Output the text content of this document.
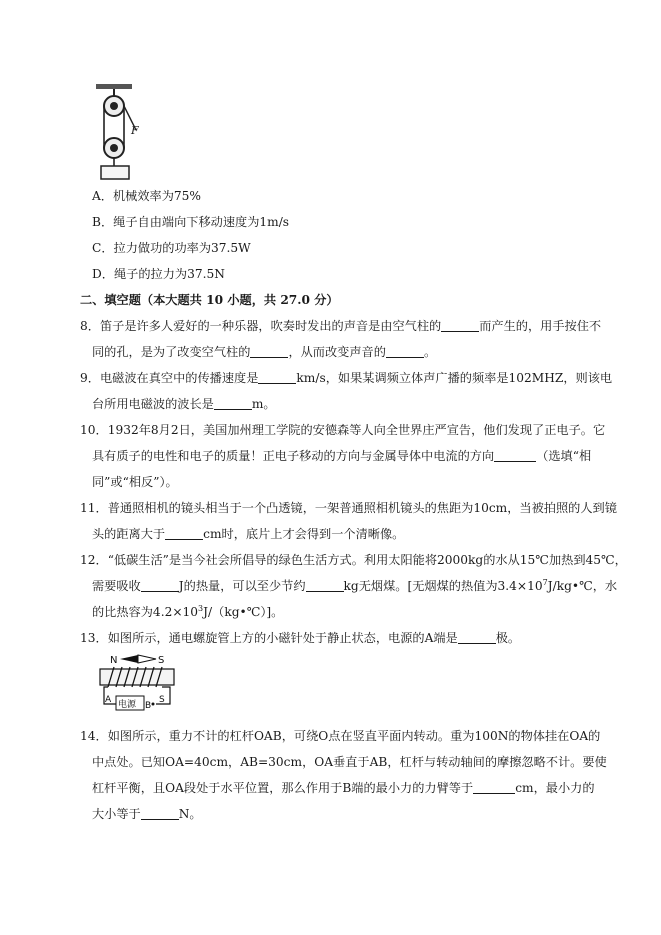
F
A．机械效率为75%
B．绳子自由端向下移动速度为1m/s
C．拉力做功的功率为37.5W
D．绳子的拉力为37.5N
二、填空题（本大题共 10 小题，共 27.0 分）
8．笛子是许多人爱好的一种乐器，吹奏时发出的声音是由空气柱的	而产生的，用手按住不
同的孔，是为了改变空气柱的	，从而改变声音的	。
9．电磁波在真空中的传播速度是	km/s，如果某调频立体声广播的频率是102MHZ，则该电
台所用电磁波的波长是	m。
10．1932年8月2日，美国加州理工学院的安德森等人向全世界庄严宣告，他们发现了正电子。它
具有质子的电性和电子的质量！正电子移动的方向与金属导体中电流的方向	（选填“相
同”或“相反”）。
11．普通照相机的镜头相当于一个凸透镜，一架普通照相机镜头的焦距为10cm，当被拍照的人到镜
头的距离大于	cm时，底片上才会得到一个清晰像。
12．“低碳生活”是当今社会所倡导的绿色生活方式。利用太阳能将2000kg的水从15℃加热到45℃，
需要吸收	J的热量，可以至少节约	kg无烟煤。[无烟煤的热值为$3.4\times 10^7J/kg•℃$，水
的比热容为$4.2\times 10^3J/(kg•℃)$]。
13．如图所示，通电螺旋管上方的小磁针处于静止状态，电源的A端是	极。
N	S
A 电源 B
S
14．如图所示，重力不计的杠杆OAB，可绕O点在竖直平面内转动。重为100N的物体挂在OA的
中点处。已知OA=40cm，AB=30cm，OA垂直于AB，杠杆与转动轴间的摩擦忽略不计。要使
杠杆平衡，且OA段处于水平位置，那么作用于B端的最小力的力臂等于	cm，最小力的
大小等于	N。
